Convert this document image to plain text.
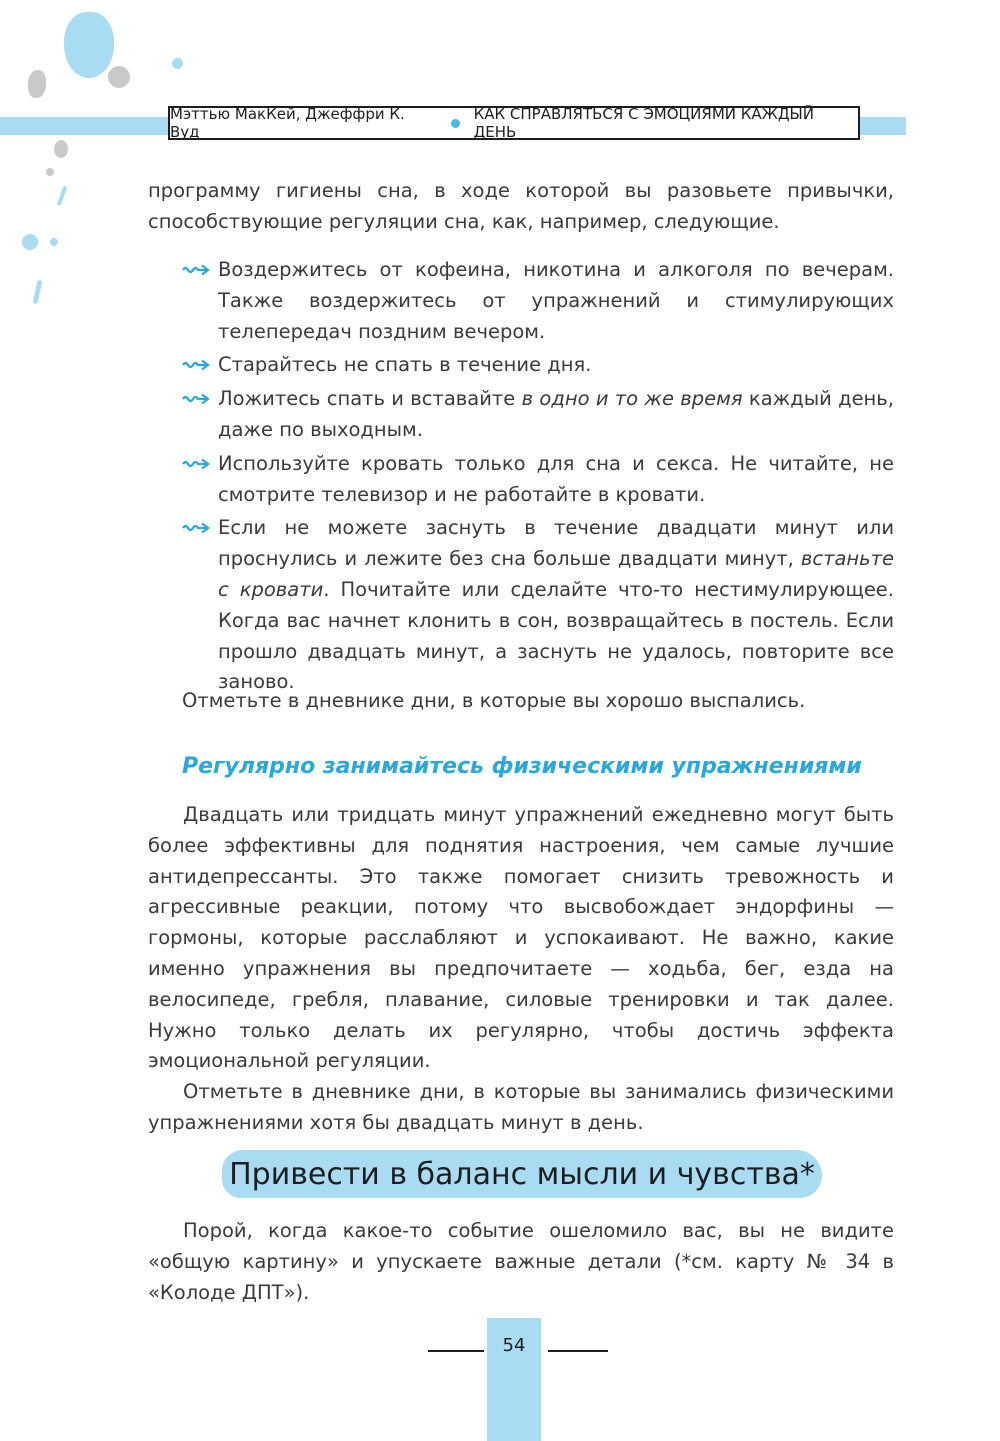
Мэттью МакКей, Джеффри К. Вуд
КАК СПРАВЛЯТЬСЯ С ЭМОЦИЯМИ КАЖДЫЙ ДЕНЬ

программу гигиены сна, в ходе которой вы разовьете привычки, способствующие регуляции сна, как, например, следующие.

Воздержитесь от кофеина, никотина и алкоголя по вечерам. Также воздержитесь от упражнений и стимулирующих телепередач поздним вечером.
Старайтесь не спать в течение дня.
Ложитесь спать и вставайте в одно и то же время каждый день, даже по выходным.
Используйте кровать только для сна и секса. Не читайте, не смотрите телевизор и не работайте в кровати.
Если не можете заснуть в течение двадцати минут или проснулись и лежите без сна больше двадцати минут, встаньте с кровати. Почитайте или сделайте что-то нестимулирующее. Когда вас начнет клонить в сон, возвращайтесь в постель. Если прошло двадцать минут, а заснуть не удалось, повторите все заново.

Отметьте в дневнике дни, в которые вы хорошо выспались.

Регулярно занимайтесь физическими упражнениями

Двадцать или тридцать минут упражнений ежедневно могут быть более эффективны для поднятия настроения, чем самые лучшие антидепрессанты. Это также помогает снизить тревожность и агрессивные реакции, потому что высвобождает эндорфины — гормоны, которые расслабляют и успокаивают. Не важно, какие именно упражнения вы предпочитаете — ходьба, бег, езда на велосипеде, гребля, плавание, силовые тренировки и так далее. Нужно только делать их регулярно, чтобы достичь эффекта эмоциональной регуляции.

Отметьте в дневнике дни, в которые вы занимались физическими упражнениями хотя бы двадцать минут в день.

Привести в баланс мысли и чувства*

Порой, когда какое-то событие ошеломило вас, вы не видите «общую картину» и упускаете важные детали (*см. карту № 34 в «Колоде ДПТ»).

54
